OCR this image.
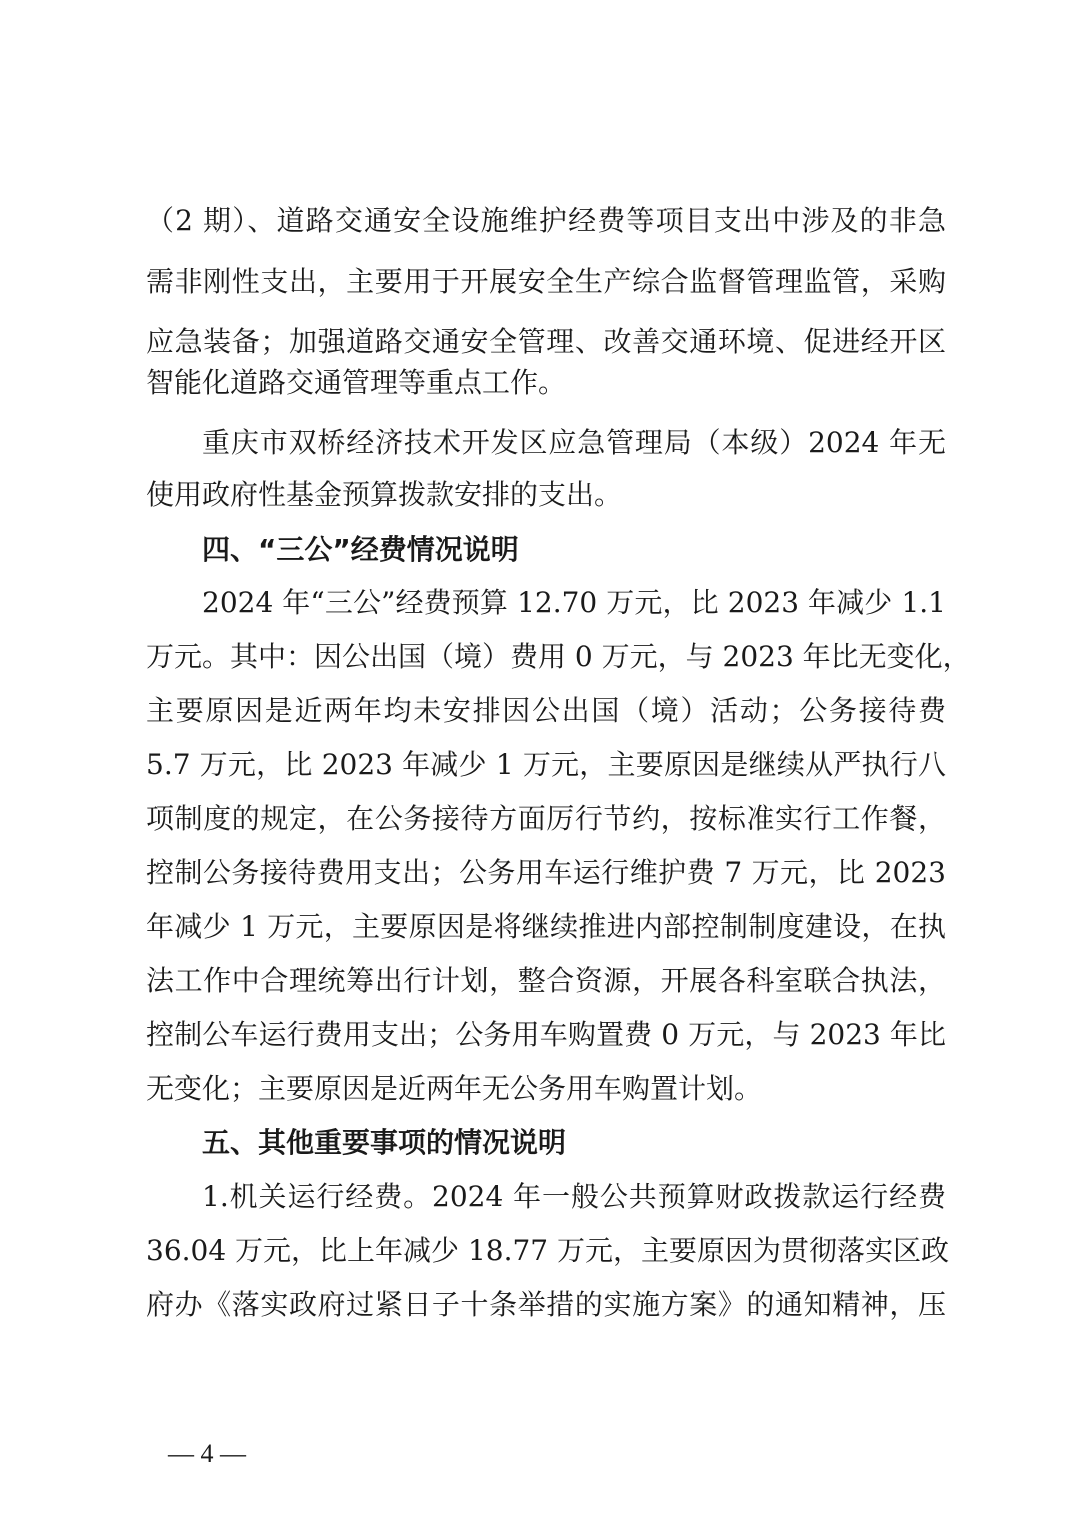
（2 期）、道路交通安全设施维护经费等项目支出中涉及的非急
需非刚性支出，主要用于开展安全生产综合监督管理监管，采购
应急装备；加强道路交通安全管理、改善交通环境、促进经开区
智能化道路交通管理等重点工作。
重庆市双桥经济技术开发区应急管理局（本级）2024 年无
使用政府性基金预算拨款安排的支出。
四、“三公”经费情况说明
2024 年“三公”经费预算 12.70 万元，比 2023 年减少 1.1
万元。其中：因公出国（境）费用 0 万元，与 2023 年比无变化，
主要原因是近两年均未安排因公出国（境）活动；公务接待费
5.7 万元，比 2023 年减少 1 万元，主要原因是继续从严执行八
项制度的规定，在公务接待方面厉行节约，按标准实行工作餐，
控制公务接待费用支出；公务用车运行维护费 7 万元，比 2023
年减少 1 万元，主要原因是将继续推进内部控制制度建设，在执
法工作中合理统筹出行计划，整合资源，开展各科室联合执法，
控制公车运行费用支出；公务用车购置费 0 万元，与 2023 年比
无变化；主要原因是近两年无公务用车购置计划。
五、其他重要事项的情况说明
1.机关运行经费。2024 年一般公共预算财政拨款运行经费
36.04 万元，比上年减少 18.77 万元，主要原因为贯彻落实区政
府办《落实政府过紧日子十条举措的实施方案》的通知精神，压
— 4 —
